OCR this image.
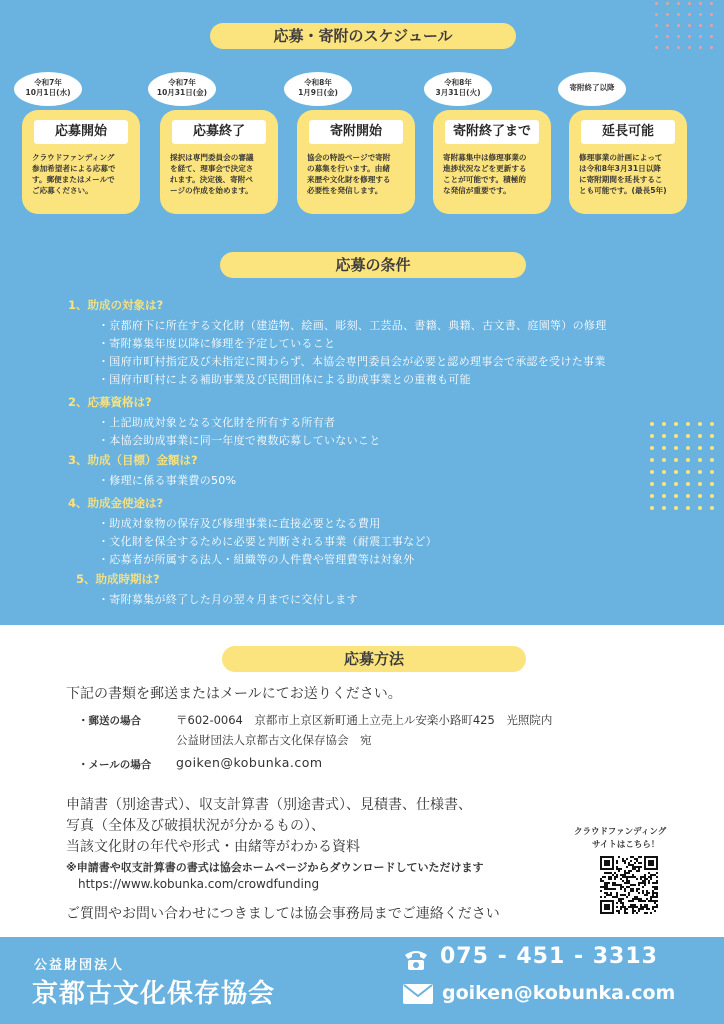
応募・寄附のスケジュール
令和7年
10月1日(水)
応募開始
クラウドファンディング
参加希望者による応募で
す。郵便またはメールで
ご応募ください。
令和7年
10月31日(金)
応募終了
採択は専門委員会の審議
を経て、理事会で決定さ
れます。決定後、寄附ペ
ージの作成を始めます。
令和8年
1月9日(金)
寄附開始
協会の特設ページで寄附
の募集を行います。由緒
来歴や文化財を修理する
必要性を発信します。
令和8年
3月31日(火)
寄附終了まで
寄附募集中は修理事業の
進捗状況などを更新する
ことが可能です。積極的
な発信が重要です。
寄附終了以降
延長可能
修理事業の計画によって
は令和8年3月31日以降
に寄附期間を延長するこ
とも可能です。(最長5年)
応募の条件
1、助成の対象は?
・京都府下に所在する文化財（建造物、絵画、彫刻、工芸品、書籍、典籍、古文書、庭園等）の修理
・寄附募集年度以降に修理を予定していること
・国府市町村指定及び未指定に関わらず、本協会専門委員会が必要と認め理事会で承認を受けた事業
・国府市町村による補助事業及び民間団体による助成事業との重複も可能
2、応募資格は?
・上記助成対象となる文化財を所有する所有者
・本協会助成事業に同一年度で複数応募していないこと
3、助成（目標）金額は?
・修理に係る事業費の50%
4、助成金使途は?
・助成対象物の保存及び修理事業に直接必要となる費用
・文化財を保全するために必要と判断される事業（耐震工事など）
・応募者が所属する法人・組織等の人件費や管理費等は対象外
5、助成時期は?
・寄附募集が終了した月の翌々月までに交付します
応募方法
下記の書類を郵送またはメールにてお送りください。
・郵送の場合	〒602-0064　京都市上京区新町通上立売上ル安楽小路町425　光照院内
公益財団法人京都古文化保存協会　宛
・メールの場合 goiken@kobunka.com
申請書（別途書式）、収支計算書（別途書式）、見積書、仕様書、
写真（全体及び破損状況が分かるもの）、
当該文化財の年代や形式・由緒等がわかる資料
※申請書や収支計算書の書式は協会ホームページからダウンロードしていただけます
https://www.kobunka.com/crowdfunding
ご質問やお問い合わせにつきましては協会事務局までご連絡ください
クラウドファンディング
サイトはこちら！
公益財団法人
京都古文化保存協会
075 - 451 - 3313
goiken@kobunka.com
